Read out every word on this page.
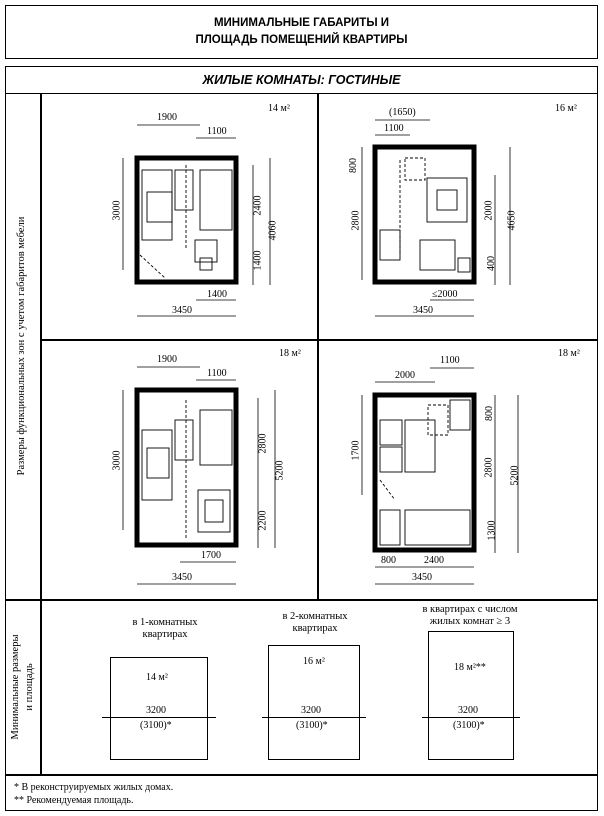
МИНИМАЛЬНЫЕ ГАБАРИТЫ И
ПЛОЩАДЬ ПОМЕЩЕНИЙ КВАРТИРЫ
ЖИЛЫЕ КОМНАТЫ: ГОСТИНЫЕ
Размеры функциональных зон с учетом габаритов мебели
Минимальные размеры и площадь
14 м²
1900
1100
3000	2400
4060
1400
1400
3450
16 м²
(1650)
1100
800
2800	2000 4650
400
≤2000
3450
18 м²
1900
1100
3000
2800
5200
2200
1700
3450
18 м²
1100
2000
800
1700
2800 5200
1300
800	2400
3450
в 1-комнатных
квартирах
14 м²
3200
(3100)*
в 2-комнатных
квартирах
16 м²
3200
(3100)*
в квартирах с числом
жилых комнат ≥ 3
18 м²**
3200
(3100)*
* В реконструируемых жилых домах.
** Рекомендуемая площадь.
